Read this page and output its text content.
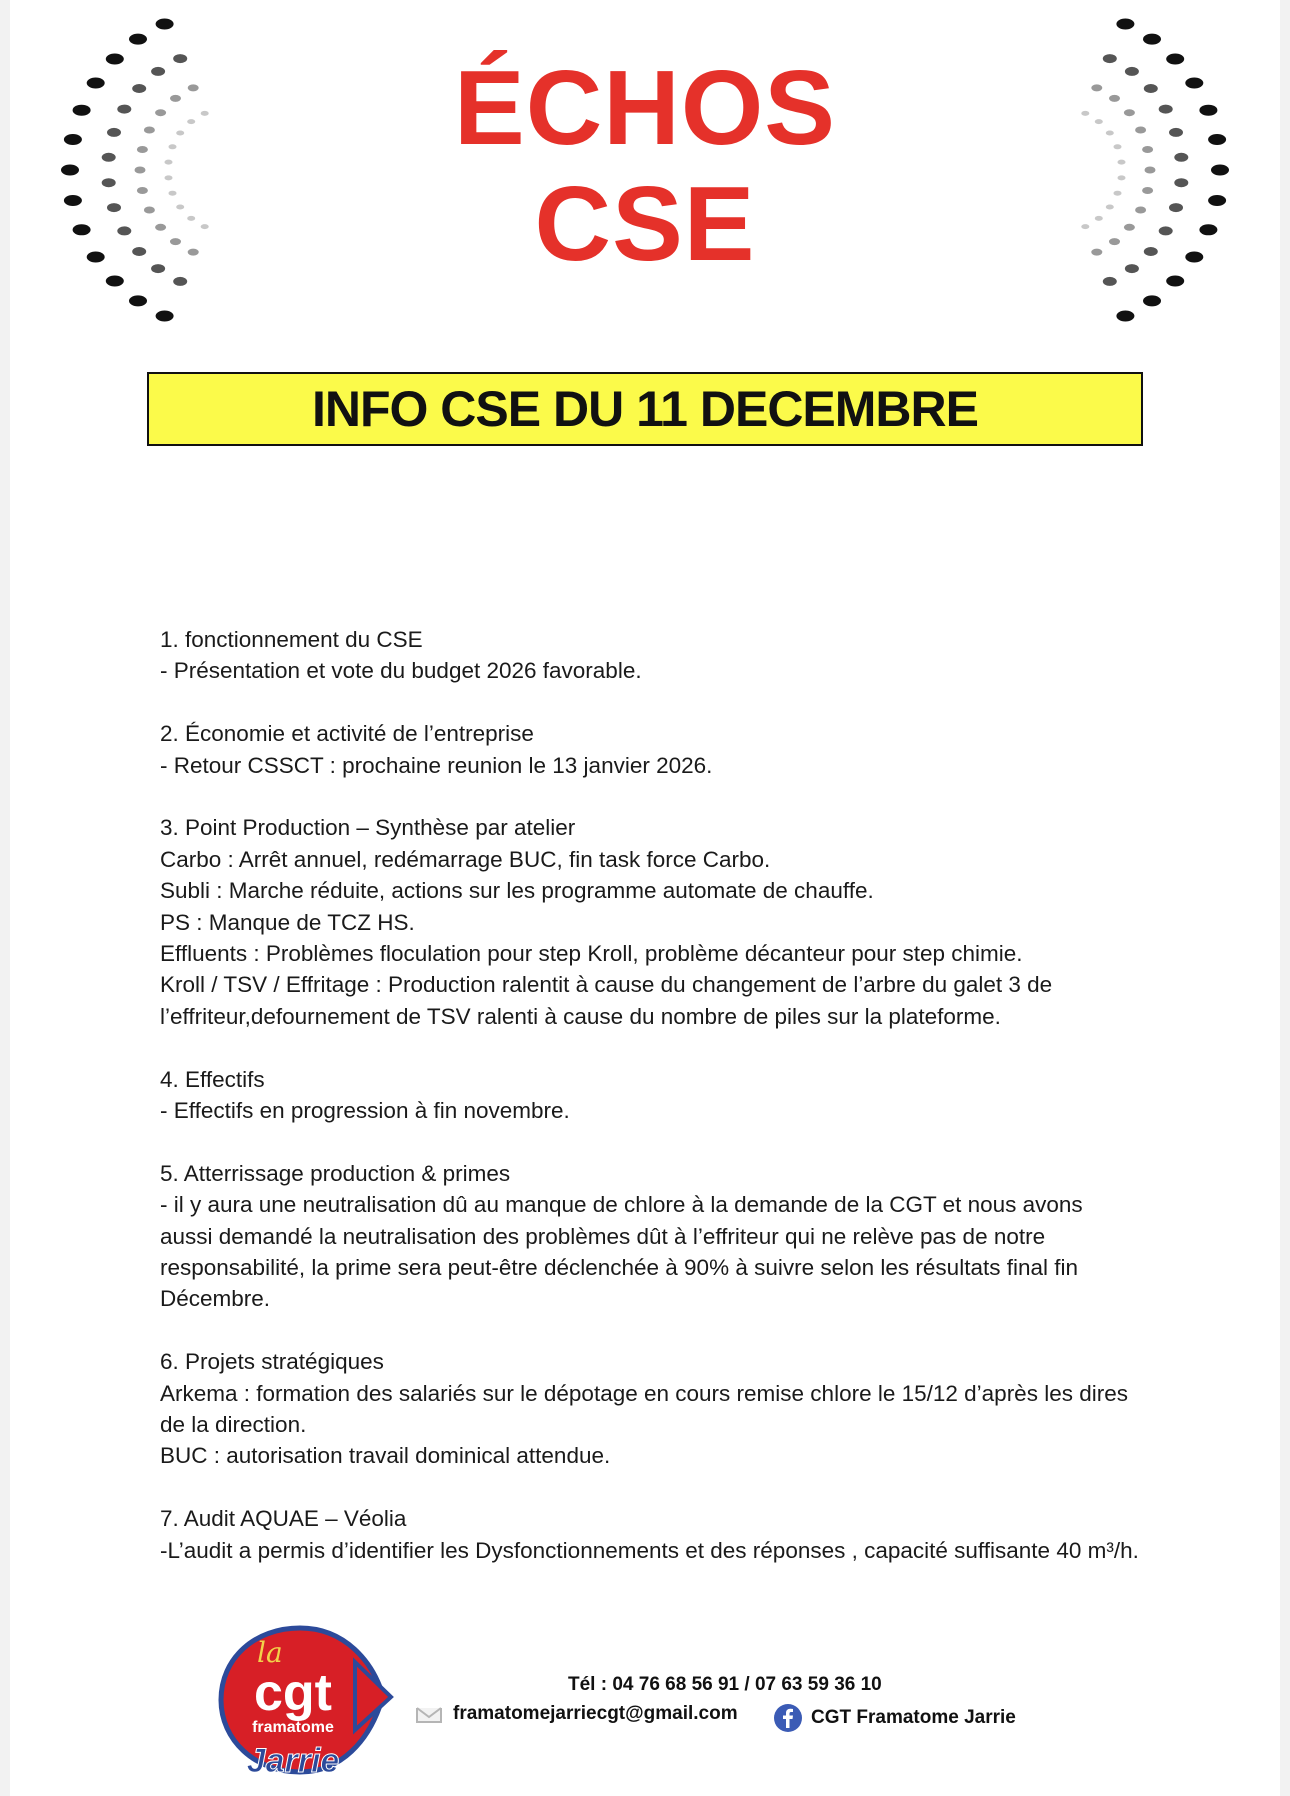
ÉCHOS
CSE
INFO CSE DU 11 DECEMBRE

1. fonctionnement du CSE

- Présentation et vote du budget 2026 favorable.

2. Économie et activité de l’entreprise

- Retour CSSCT : prochaine reunion le 13 janvier 2026.

3. Point Production – Synthèse par atelier

Carbo : Arrêt annuel, redémarrage BUC, fin task force Carbo.

Subli : Marche réduite, actions sur les programme automate de chauffe.

PS : Manque de TCZ HS.

Effluents : Problèmes floculation pour step Kroll, problème décanteur pour step chimie.

Kroll / TSV / Effritage : Production ralentit à cause du changement de l’arbre du galet 3 de l’effriteur,defournement de TSV ralenti à cause du nombre de piles sur la plateforme.

4. Effectifs

- Effectifs en progression à fin novembre.

5. Atterrissage production & primes

- il y aura une neutralisation dû au manque de chlore à la demande de la CGT et nous avons aussi demandé la neutralisation des problèmes dût à l’effriteur qui ne relève pas de notre responsabilité, la prime sera peut-être déclenchée à 90% à suivre selon les résultats final fin Décembre.

6. Projets stratégiques

Arkema : formation des salariés sur le dépotage en cours remise chlore le 15/12 d’après les dires de la direction.

BUC : autorisation travail dominical attendue.

7. Audit AQUAE – Véolia

-L’audit a permis d’identifier les Dysfonctionnements et des réponses , capacité suffisante 40 m³/h.

la
cgt
framatome
Jarrie
Tél : 04 76 68 56 91 / 07 63 59 36 10
framatomejarriecgt@gmail.com	CGT Framatome Jarrie
